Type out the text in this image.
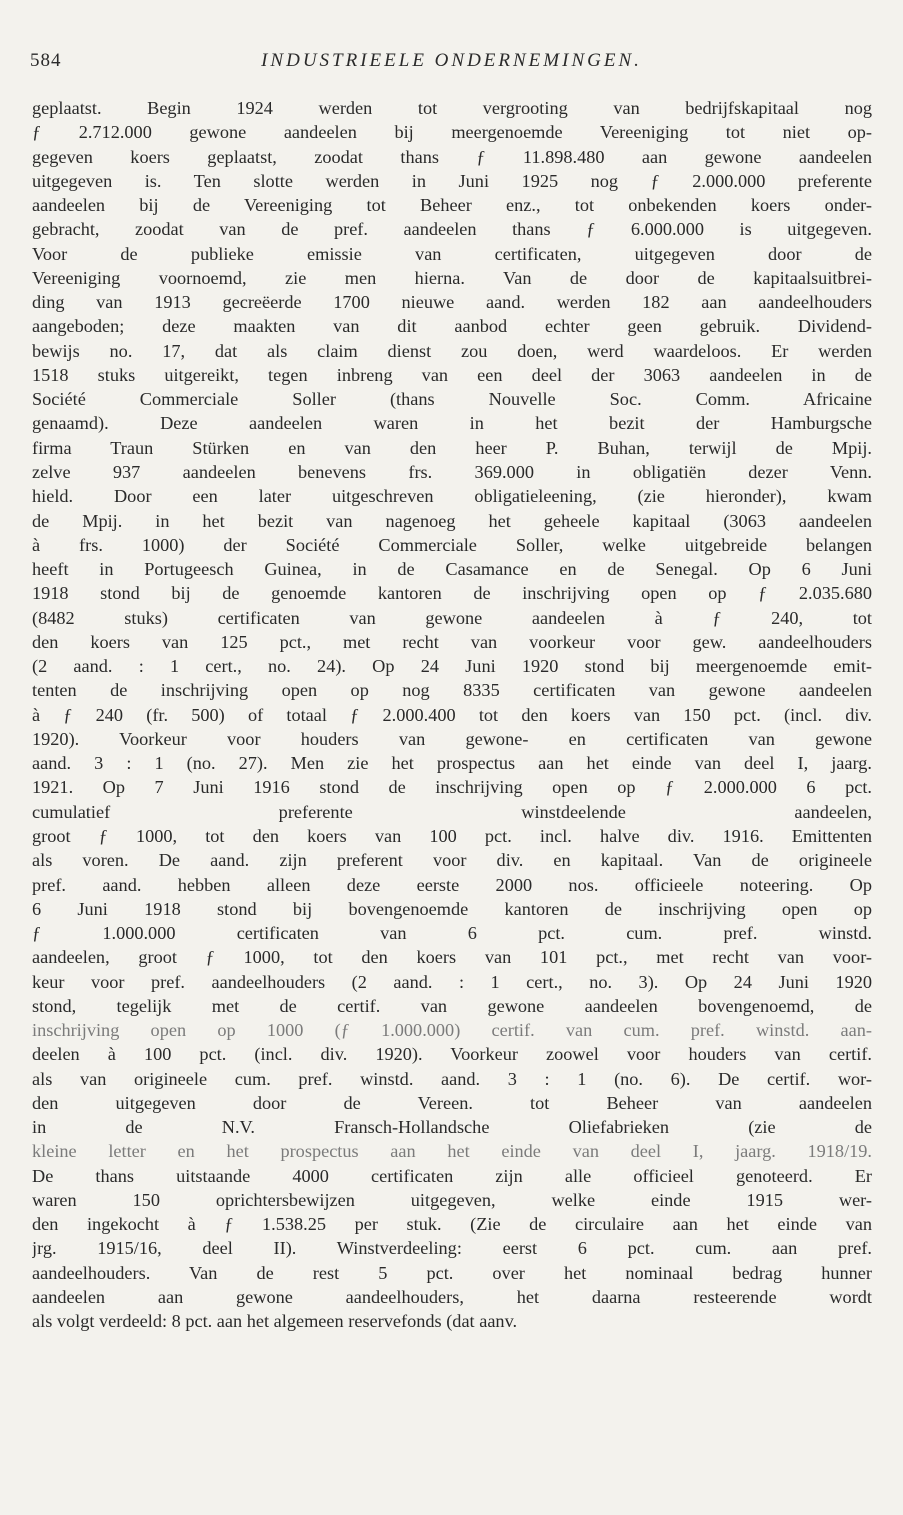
584	INDUSTRIEELE ONDERNEMINGEN.
geplaatst. Begin 1924 werden tot vergrooting van bedrijfskapitaal nog
ƒ 2.712.000 gewone aandeelen bij meergenoemde Vereeniging tot niet op-
gegeven koers geplaatst, zoodat thans ƒ 11.898.480 aan gewone aandeelen
uitgegeven is. Ten slotte werden in Juni 1925 nog ƒ 2.000.000 preferente
aandeelen bij de Vereeniging tot Beheer enz., tot onbekenden koers onder-
gebracht, zoodat van de pref. aandeelen thans ƒ 6.000.000 is uitgegeven.
Voor de publieke emissie van certificaten, uitgegeven door de
Vereeniging voornoemd, zie men hierna. Van de door de kapitaalsuitbrei-
ding van 1913 gecreëerde 1700 nieuwe aand. werden 182 aan aandeelhouders
aangeboden; deze maakten van dit aanbod echter geen gebruik. Dividend-
bewijs no. 17, dat als claim dienst zou doen, werd waardeloos. Er werden
1518 stuks uitgereikt, tegen inbreng van een deel der 3063 aandeelen in de
Société Commerciale Soller (thans Nouvelle Soc. Comm. Africaine
genaamd). Deze aandeelen waren in het bezit der Hamburgsche
firma Traun Stürken en van den heer P. Buhan, terwijl de Mpij.
zelve 937 aandeelen benevens frs. 369.000 in obligatiën dezer Venn.
hield. Door een later uitgeschreven obligatieleening, (zie hieronder), kwam
de Mpij. in het bezit van nagenoeg het geheele kapitaal (3063 aandeelen
à frs. 1000) der Société Commerciale Soller, welke uitgebreide belangen
heeft in Portugeesch Guinea, in de Casamance en de Senegal. Op 6 Juni
1918 stond bij de genoemde kantoren de inschrijving open op ƒ 2.035.680
(8482 stuks) certificaten van gewone aandeelen à ƒ 240, tot
den koers van 125 pct., met recht van voorkeur voor gew. aandeelhouders
(2 aand. : 1 cert., no. 24). Op 24 Juni 1920 stond bij meergenoemde emit-
tenten de inschrijving open op nog 8335 certificaten van gewone aandeelen
à ƒ 240 (fr. 500) of totaal ƒ 2.000.400 tot den koers van 150 pct. (incl. div.
1920). Voorkeur voor houders van gewone- en certificaten van gewone
aand. 3 : 1 (no. 27). Men zie het prospectus aan het einde van deel I, jaarg.
1921. Op 7 Juni 1916 stond de inschrijving open op ƒ 2.000.000 6 pct.
cumulatief preferente winstdeelende aandeelen,
groot ƒ 1000, tot den koers van 100 pct. incl. halve div. 1916. Emittenten
als voren. De aand. zijn preferent voor div. en kapitaal. Van de origineele
pref. aand. hebben alleen deze eerste 2000 nos. officieele noteering. Op
6 Juni 1918 stond bij bovengenoemde kantoren de inschrijving open op
ƒ 1.000.000 certificaten van 6 pct. cum. pref. winstd.
aandeelen, groot ƒ 1000, tot den koers van 101 pct., met recht van voor-
keur voor pref. aandeelhouders (2 aand. : 1 cert., no. 3). Op 24 Juni 1920
stond, tegelijk met de certif. van gewone aandeelen bovengenoemd, de
inschrijving open op 1000 (ƒ 1.000.000) certif. van cum. pref. winstd. aan-
deelen à 100 pct. (incl. div. 1920). Voorkeur zoowel voor houders van certif.
als van origineele cum. pref. winstd. aand. 3 : 1 (no. 6). De certif. wor-
den uitgegeven door de Vereen. tot Beheer van aandeelen
in de N.V. Fransch-Hollandsche Oliefabrieken (zie de
kleine letter en het prospectus aan het einde van deel I, jaarg. 1918/19.
De thans uitstaande 4000 certificaten zijn alle officieel genoteerd. Er
waren 150 oprichtersbewijzen uitgegeven, welke einde 1915 wer-
den ingekocht à ƒ 1.538.25 per stuk. (Zie de circulaire aan het einde van
jrg. 1915/16, deel II). Winstverdeeling: eerst 6 pct. cum. aan pref.
aandeelhouders. Van de rest 5 pct. over het nominaal bedrag hunner
aandeelen aan gewone aandeelhouders, het daarna resteerende wordt
als volgt verdeeld: 8 pct. aan het algemeen reservefonds (dat aanv.
